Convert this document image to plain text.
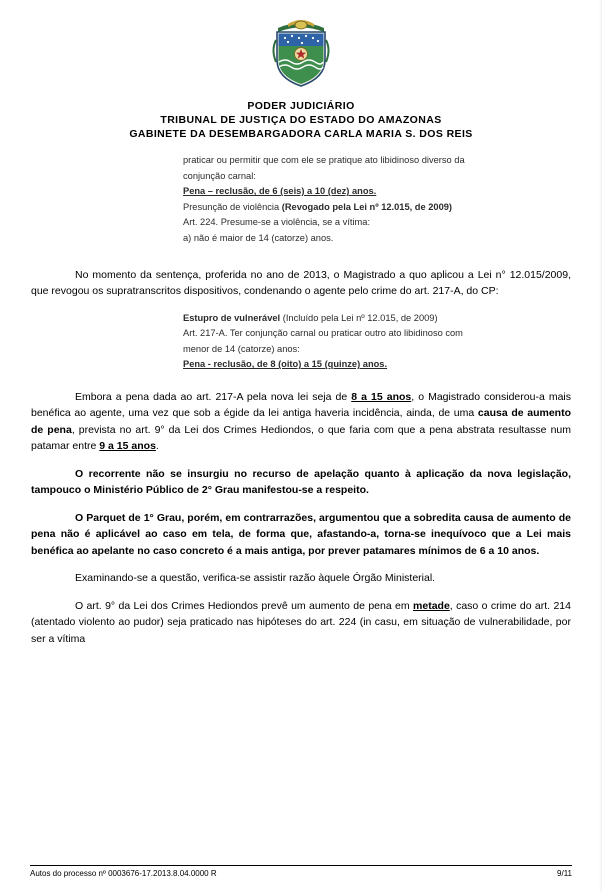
PODER JUDICIÁRIO
TRIBUNAL DE JUSTIÇA DO ESTADO DO AMAZONAS
GABINETE DA DESEMBARGADORA CARLA MARIA S. DOS REIS
praticar ou permitir que com ele se pratique ato libidinoso diverso da
conjunção carnal:
Pena – reclusão, de 6 (seis) a 10 (dez) anos.
Presunção de violência (Revogado pela Lei nº 12.015, de 2009)
Art. 224. Presume-se a violência, se a vítima:
a) não é maior de 14 (catorze) anos.

No momento da sentença, proferida no ano de 2013, o Magistrado a quo aplicou a Lei n° 12.015/2009, que revogou os supratranscritos dispositivos, condenando o agente pelo crime do art. 217-A, do CP:

Estupro de vulnerável (Incluído pela Lei nº 12.015, de 2009)
Art. 217-A. Ter conjunção carnal ou praticar outro ato libidinoso com
menor de 14 (catorze) anos:
Pena - reclusão, de 8 (oito) a 15 (quinze) anos.

Embora a pena dada ao art. 217-A pela nova lei seja de 8 a 15 anos, o Magistrado considerou-a mais benéfica ao agente, uma vez que sob a égide da lei antiga haveria incidência, ainda, de uma causa de aumento de pena, prevista no art. 9° da Lei dos Crimes Hediondos, o que faria com que a pena abstrata resultasse num patamar entre 9 a 15 anos.

O recorrente não se insurgiu no recurso de apelação quanto à aplicação da nova legislação, tampouco o Ministério Público de 2° Grau manifestou-se a respeito.

O Parquet de 1° Grau, porém, em contrarrazões, argumentou que a sobredita causa de aumento de pena não é aplicável ao caso em tela, de forma que, afastando-a, torna-se inequívoco que a Lei mais benéfica ao apelante no caso concreto é a mais antiga, por prever patamares mínimos de 6 a 10 anos.

Examinando-se a questão, verifica-se assistir razão àquele Órgão Ministerial.

O art. 9° da Lei dos Crimes Hediondos prevê um aumento de pena em metade, caso o crime do art. 214 (atentado violento ao pudor) seja praticado nas hipóteses do art. 224 (in casu, em situação de vulnerabilidade, por ser a vítima

Autos do processo nº 0003676-17.2013.8.04.0000 R	9/11
